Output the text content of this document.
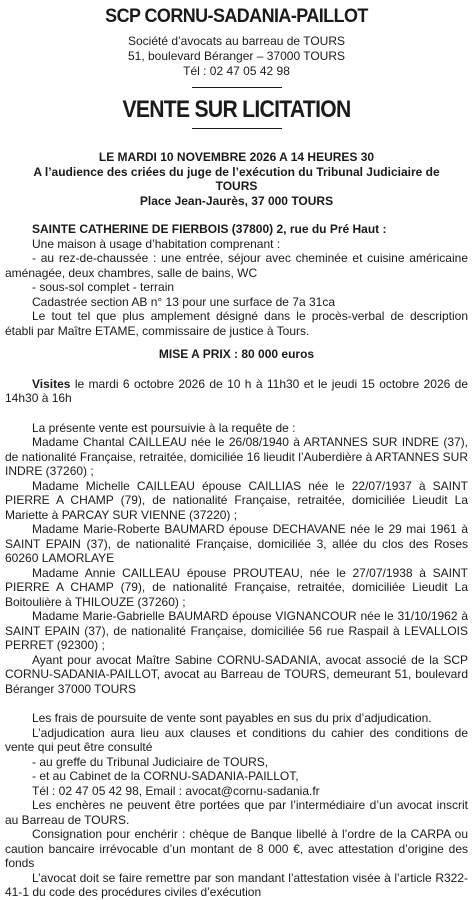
SCP CORNU-SADANIA-PAILLOT

Société d’avocats au barreau de TOURS

51, boulevard Béranger – 37000 TOURS

Tél : 02 47 05 42 98

VENTE SUR LICITATION

LE MARDI 10 NOVEMBRE 2026 A 14 HEURES 30
A l’audience des criées du juge de l’exécution du Tribunal Judiciaire de
TOURS
Place Jean-Jaurès, 37 000 TOURS

SAINTE CATHERINE DE FIERBOIS (37800) 2, rue du Pré Haut :

Une maison à usage d’habitation comprenant :

- au rez-de-chaussée : une entrée, séjour avec cheminée et cuisine américaine aménagée, deux chambres, salle de bains, WC

- sous-sol complet - terrain

Cadastrée section AB n° 13 pour une surface de 7a 31ca

Le tout tel que plus amplement désigné dans le procès-verbal de description établi par Maître ETAME, commissaire de justice à Tours.

MISE A PRIX : 80 000 euros

Visites le mardi 6 octobre 2026 de 10 h à 11h30 et le jeudi 15 octobre 2026 de 14h30 à 16h

La présente vente est poursuivie à la requête de :

Madame Chantal CAILLEAU née le 26/08/1940 à ARTANNES SUR INDRE (37), de nationalité Française, retraitée, domiciliée 16 lieudit l’Auberdière à ARTANNES SUR INDRE (37260) ;

Madame Michelle CAILLEAU épouse CAILLIAS née le 22/07/1937 à SAINT PIERRE A CHAMP (79), de nationalité Française, retraitée, domiciliée Lieudit La Mariette à PARCAY SUR VIENNE (37220) ;

Madame Marie-Roberte BAUMARD épouse DECHAVANE née le 29 mai 1961 à SAINT EPAIN (37), de nationalité Française, domiciliée 3, allée du clos des Roses 60260 LAMORLAYE

Madame Annie CAILLEAU épouse PROUTEAU, née le 27/07/1938 à SAINT PIERRE A CHAMP (79), de nationalité Française, retraitée, domiciliée Lieudit La Boitoulière à THILOUZE (37260) ;

Madame Marie-Gabrielle BAUMARD épouse VIGNANCOUR née le 31/10/1962 à SAINT EPAIN (37), de nationalité Française, domiciliée 56 rue Raspail à LEVALLOIS PERRET (92300) ;

Ayant pour avocat Maître Sabine CORNU-SADANIA, avocat associé de la SCP CORNU-SADANIA-PAILLOT, avocat au Barreau de TOURS, demeurant 51, boulevard Béranger 37000 TOURS

Les frais de poursuite de vente sont payables en sus du prix d’adjudication.

L’adjudication aura lieu aux clauses et conditions du cahier des conditions de vente qui peut être consulté

- au greffe du Tribunal Judiciaire de TOURS,

- et au Cabinet de la CORNU-SADANIA-PAILLOT,

Tél : 02 47 05 42 98, Email : avocat@cornu-sadania.fr

Les enchères ne peuvent être portées que par l’intermédiaire d’un avocat inscrit au Barreau de TOURS.

Consignation pour enchérir : chèque de Banque libellé à l’ordre de la CARPA ou caution bancaire irrévocable d’un montant de 8 000 €, avec attestation d’origine des fonds

L’avocat doit se faire remettre par son mandant l’attestation visée à l’article R322-41-1 du code des procédures civiles d’exécution
